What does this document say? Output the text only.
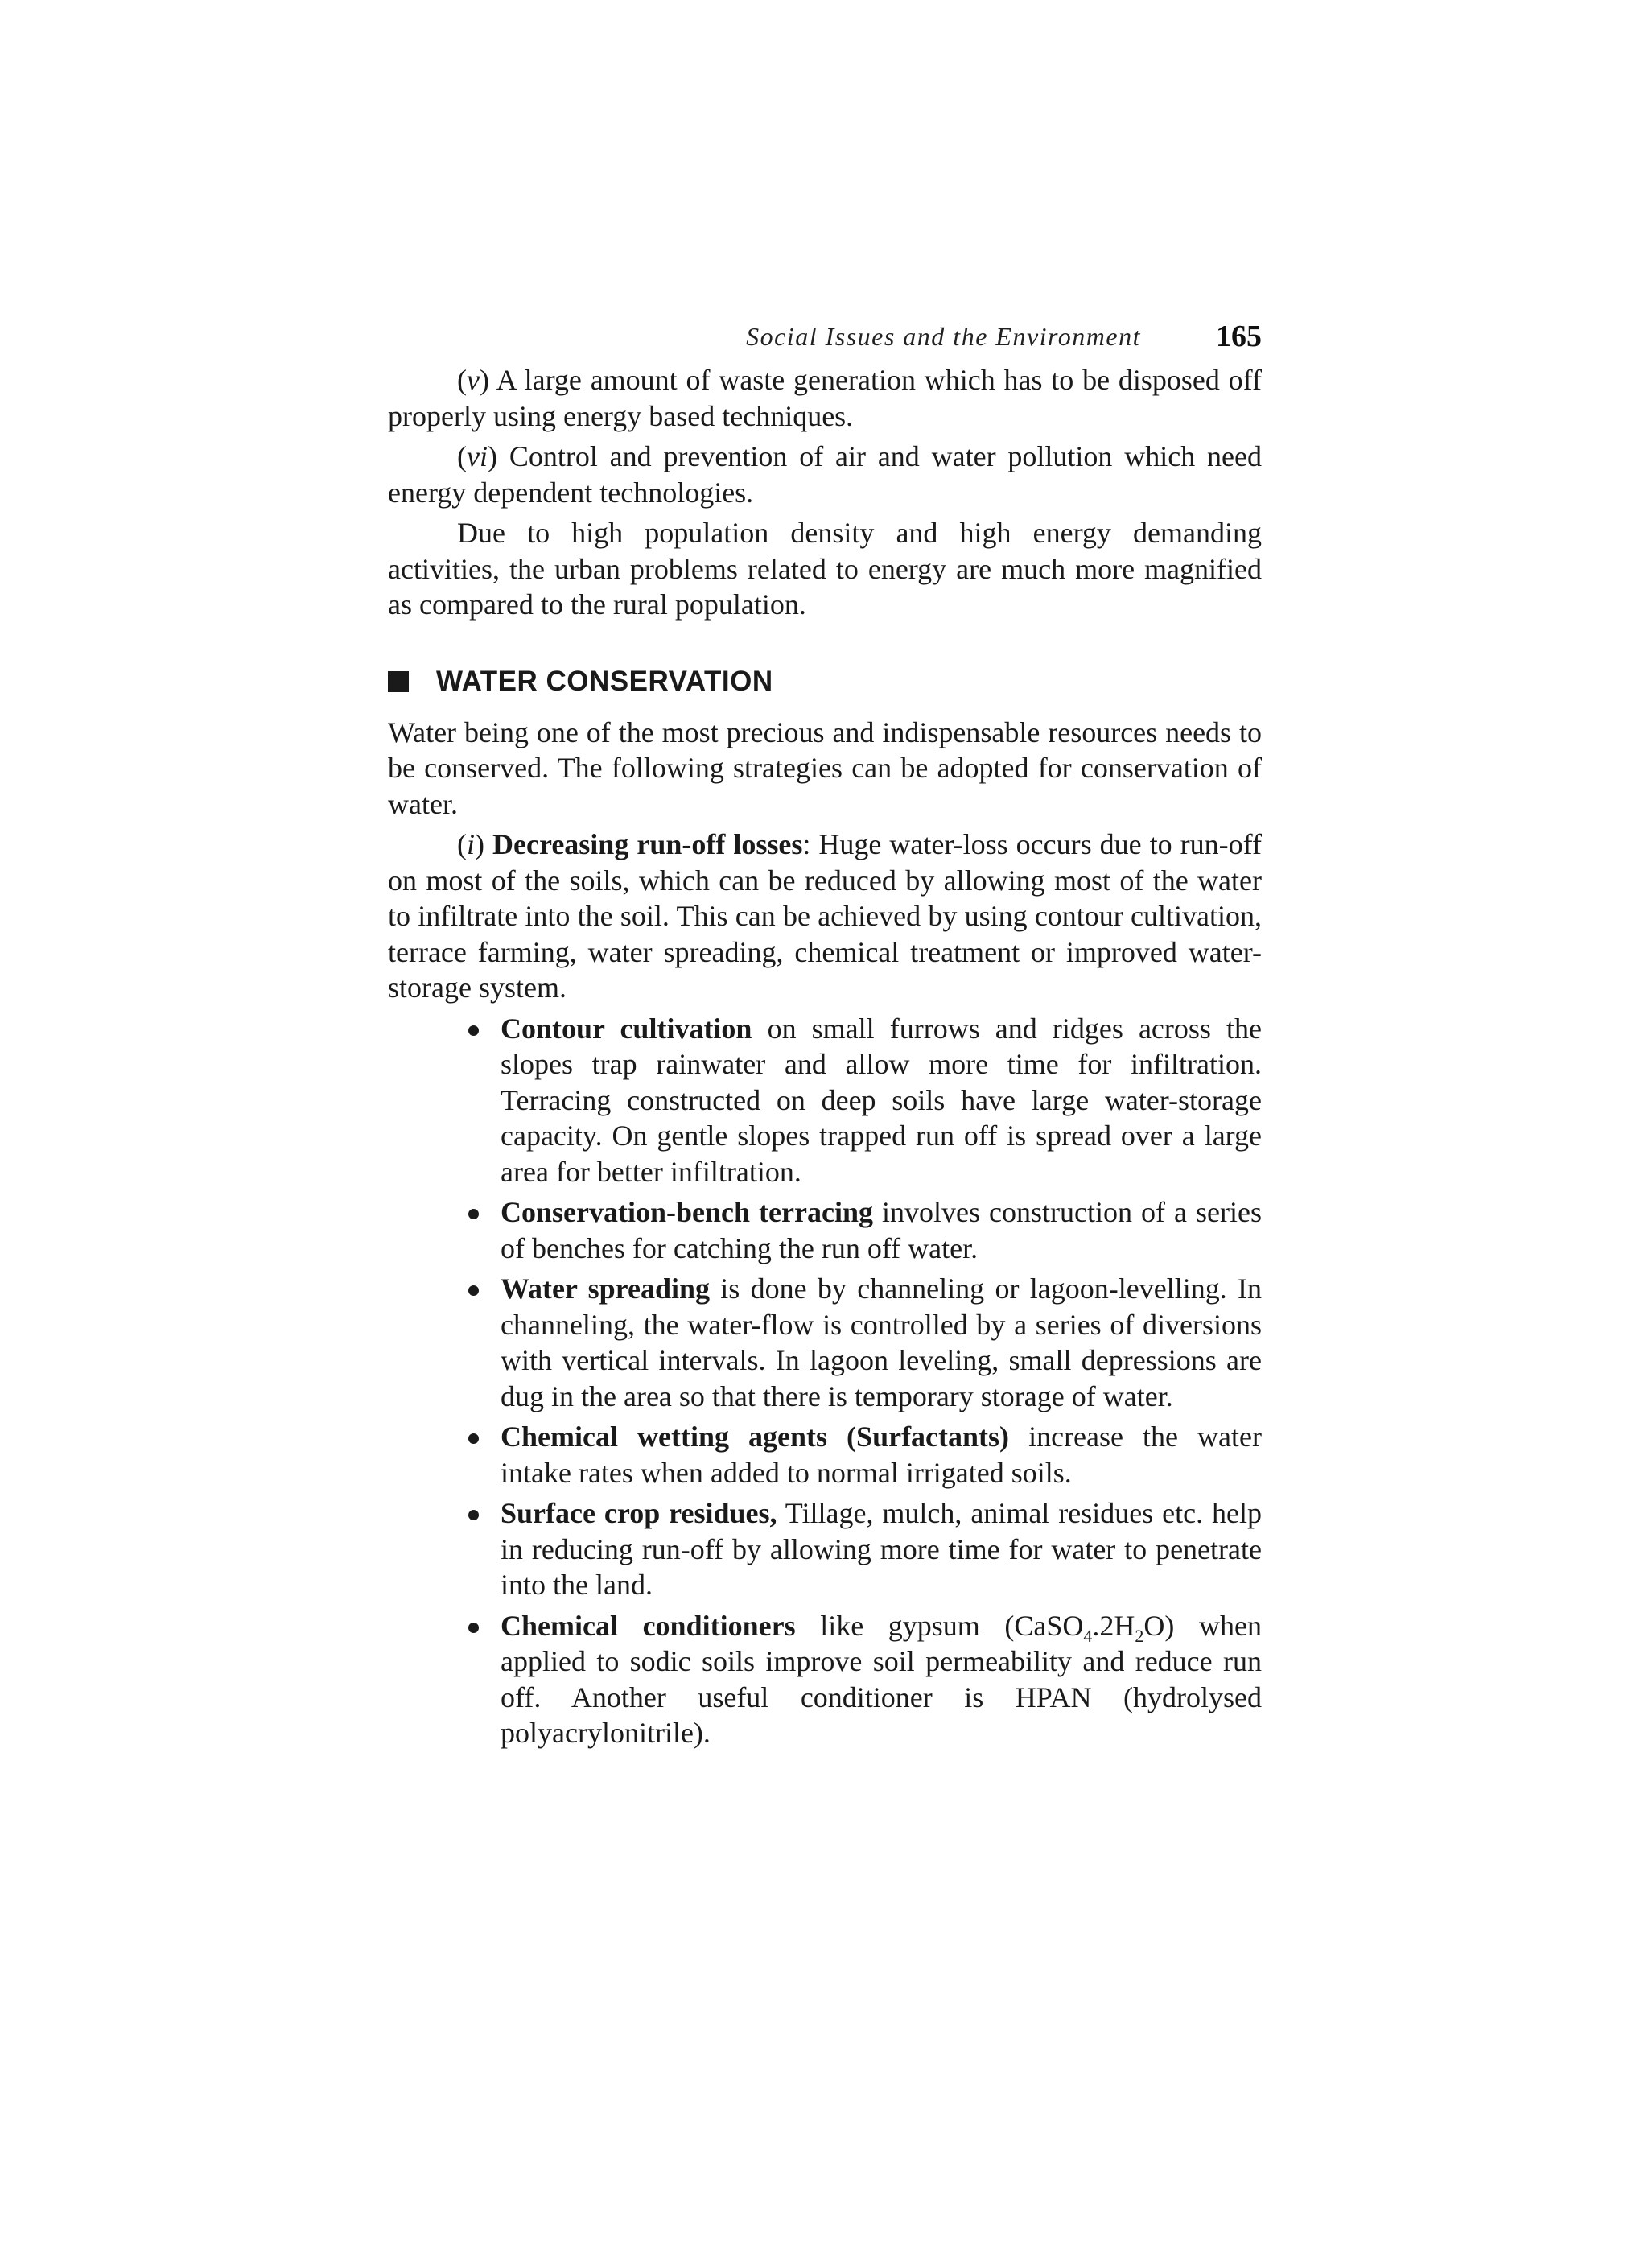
Social Issues and the Environment 165

(v) A large amount of waste generation which has to be disposed off properly using energy based techniques.

(vi) Control and prevention of air and water pollution which need energy dependent technologies.

Due to high population density and high energy demanding activities, the urban problems related to energy are much more magnified as compared to the rural population.

WATER CONSERVATION

Water being one of the most precious and indispensable resources needs to be conserved. The following strategies can be adopted for conservation of water.

(i) Decreasing run-off losses: Huge water-loss occurs due to run-off on most of the soils, which can be reduced by allowing most of the water to infiltrate into the soil. This can be achieved by using contour cultivation, terrace farming, water spreading, chemical treatment or improved water-storage system.

Contour cultivation on small furrows and ridges across the slopes trap rainwater and allow more time for infiltration. Terracing constructed on deep soils have large water-storage capacity. On gentle slopes trapped run off is spread over a large area for better infiltration.

Conservation-bench terracing involves construction of a series of benches for catching the run off water.

Water spreading is done by channeling or lagoon-levelling. In channeling, the water-flow is controlled by a series of diversions with vertical intervals. In lagoon leveling, small depressions are dug in the area so that there is temporary storage of water.

Chemical wetting agents (Surfactants) increase the water intake rates when added to normal irrigated soils.

Surface crop residues, Tillage, mulch, animal residues etc. help in reducing run-off by allowing more time for water to penetrate into the land.

Chemical conditioners like gypsum $(CaSO_4.2H_2O)$ when applied to sodic soils improve soil permeability and reduce run off. Another useful conditioner is HPAN (hydrolysed polyacrylonitrile).
